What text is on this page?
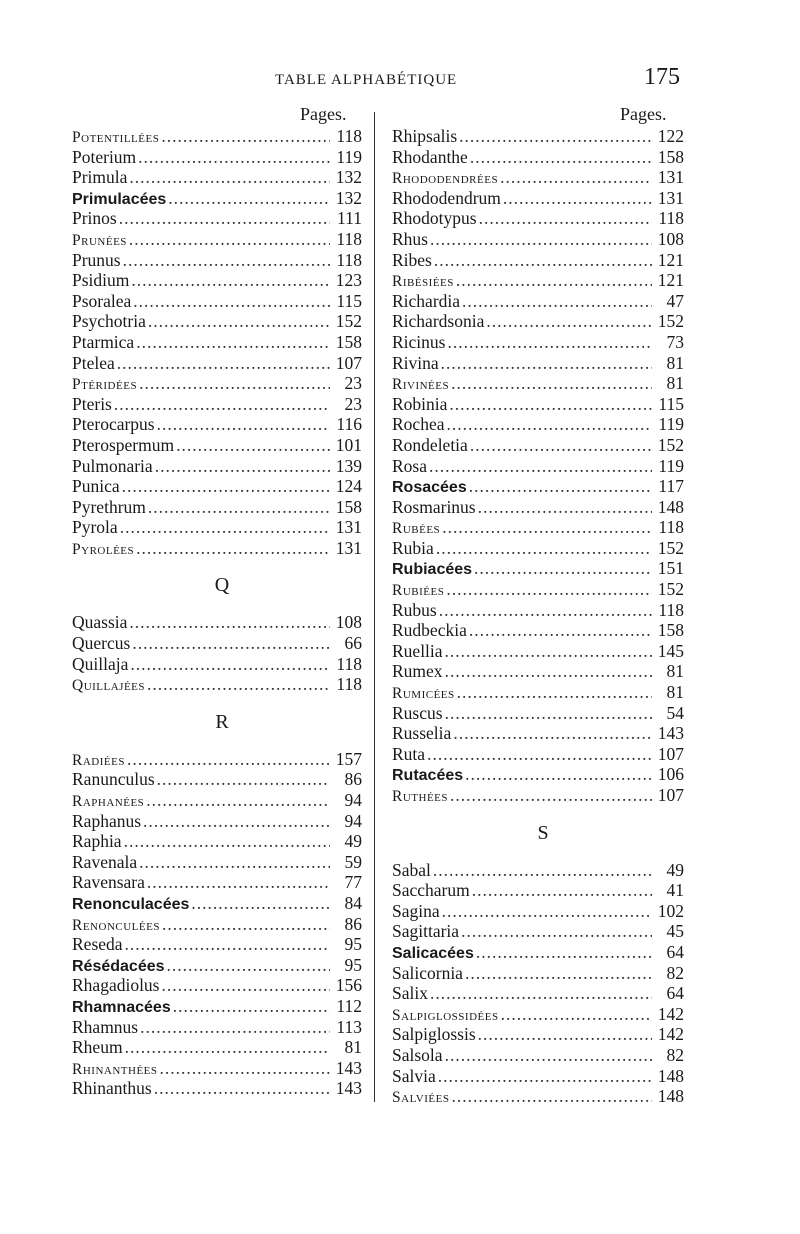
TABLE ALPHABÉTIQUE	175
Pages.	Pages.
Potentillées .....	118
Poterium .....	119
Primula .....	132
Primulacées .....	132
Prinos .....	111
Prunées .....	118
Prunus .....	118
Psidium .....	123
Psoralea .....	115
Psychotria .....	152
Ptarmica .....	158
Ptelea .....	107
Ptéridées .....	23
Pteris .....	23
Pterocarpus .....	116
Pterospermum .....	101
Pulmonaria .....	139
Punica .....	124
Pyrethrum .....	158
Pyrola .....	131
Pyrolées .....	131
Q
Quassia .....	108
Quercus .....	66
Quillaja .....	118
Quillajées .....	118
R
Radiées .....	157
Ranunculus .....	86
Raphanées .....	94
Raphanus .....	94
Raphia .....	49
Ravenala .....	59
Ravensara .....	77
Renonculacées .....	84
Renonculées .....	86
Reseda .....	95
Résédacées .....	95
Rhagadiolus .....	156
Rhamnacées .....	112
Rhamnus .....	113
Rheum .....	81
Rhinanthées .....	143
Rhinanthus .....	143
Rhipsalis .....	122
Rhodanthe .....	158
Rhododendrées .....	131
Rhododendrum .....	131
Rhodotypus .....	118
Rhus .....	108
Ribes .....	121
Ribésiées .....	121
Richardia .....	47
Richardsonia .....	152
Ricinus .....	73
Rivina .....	81
Rivinées .....	81
Robinia .....	115
Rochea .....	119
Rondeletia .....	152
Rosa .....	119
Rosacées .....	117
Rosmarinus .....	148
Rubées .....	118
Rubia .....	152
Rubiacées .....	151
Rubiées .....	152
Rubus .....	118
Rudbeckia .....	158
Ruellia .....	145
Rumex .....	81
Rumicées .....	81
Ruscus .....	54
Russelia .....	143
Ruta .....	107
Rutacées .....	106
Ruthées .....	107
S
Sabal .....	49
Saccharum .....	41
Sagina .....	102
Sagittaria .....	45
Salicacées .....	64
Salicornia .....	82
Salix .....	64
Salpiglossidées .....	142
Salpiglossis .....	142
Salsola .....	82
Salvia .....	148
Salviées .....	148
